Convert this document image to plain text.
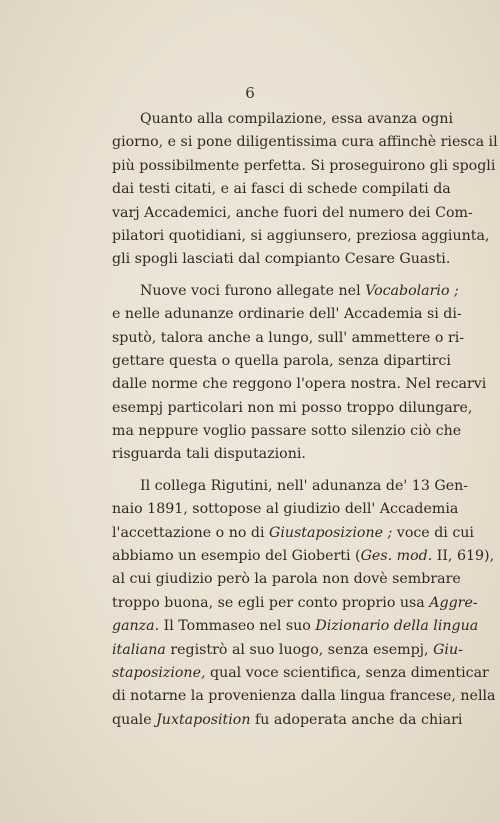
6
Quanto alla compilazione, essa avanza ogni
giorno, e si pone diligentissima cura affinchè riesca il
più possibilmente perfetta. Si proseguirono gli spogli
dai testi citati, e ai fasci di schede compilati da
varj Accademici, anche fuori del numero dei Com-
pilatori quotidiani, si aggiunsero, preziosa aggiunta,
gli spogli lasciati dal compianto Cesare Guasti.
Nuove voci furono allegate nel Vocabolario ;
e nelle adunanze ordinarie dell' Accademia si di-
sputò, talora anche a lungo, sull' ammettere o ri-
gettare questa o quella parola, senza dipartirci
dalle norme che reggono l'opera nostra. Nel recarvi
esempj particolari non mi posso troppo dilungare,
ma neppure voglio passare sotto silenzio ciò che
risguarda tali disputazioni.
Il collega Rigutini, nell' adunanza de' 13 Gen-
naio 1891, sottopose al giudizio dell' Accademia
l'accettazione o no di Giustaposizione ; voce di cui
abbiamo un esempio del Gioberti (Ges. mod. II, 619),
al cui giudizio però la parola non dovè sembrare
troppo buona, se egli per conto proprio usa Aggre-
ganza. Il Tommaseo nel suo Dizionario della lingua
italiana registrò al suo luogo, senza esempj, Giu-
staposizione, qual voce scientifica, senza dimenticar
di notarne la provenienza dalla lingua francese, nella
quale Juxtaposition fu adoperata anche da chiari
